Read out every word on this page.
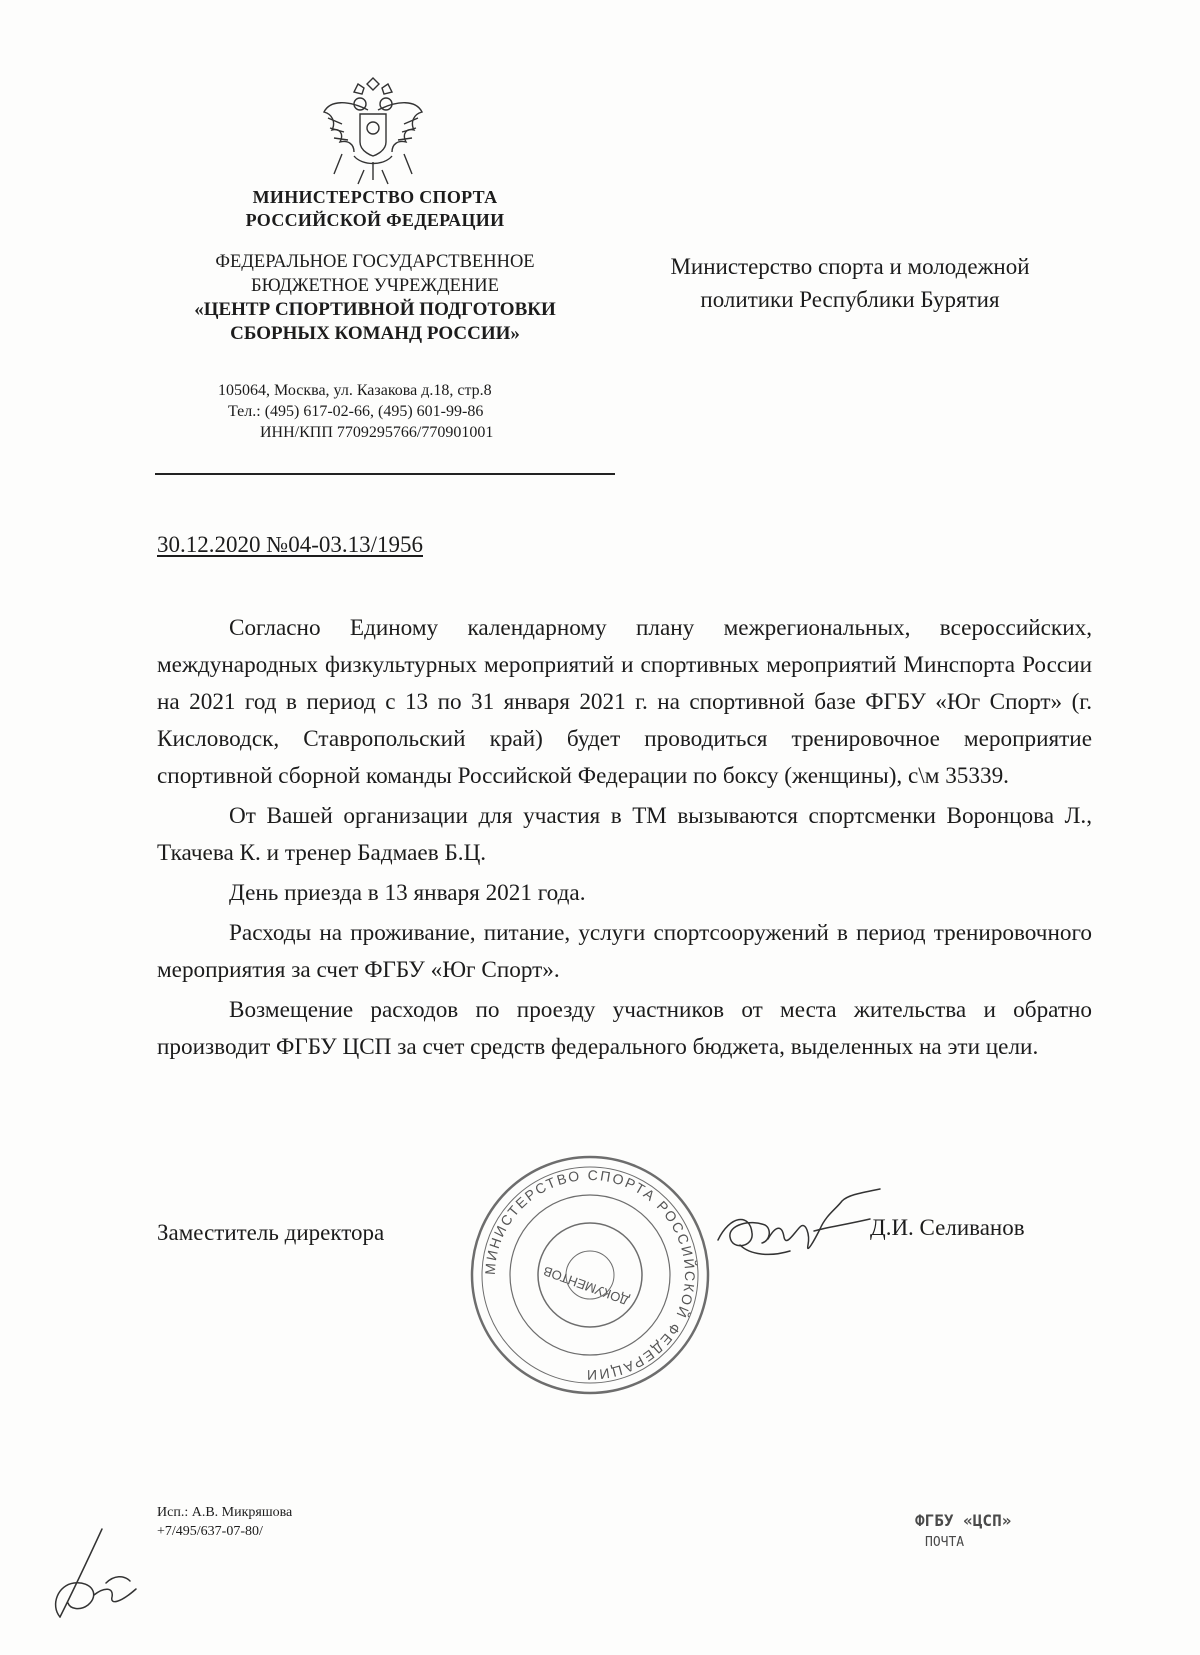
МИНИСТЕРСТВО СПОРТА
РОССИЙСКОЙ ФЕДЕРАЦИИ
ФЕДЕРАЛЬНОЕ ГОСУДАРСТВЕННОЕ
БЮДЖЕТНОЕ УЧРЕЖДЕНИЕ
«ЦЕНТР СПОРТИВНОЙ ПОДГОТОВКИ
СБОРНЫХ КОМАНД РОССИИ»
105064, Москва, ул. Казакова д.18, стр.8
Тел.: (495) 617-02-66, (495) 601-99-86
ИНН/КПП 7709295766/770901001
Министерство спорта и молодежной
политики Республики Бурятия
30.12.2020 №04-03.13/1956

Согласно Единому календарному плану межрегиональных, всероссийских, международных физкультурных мероприятий и спортивных мероприятий Минспорта России на 2021 год в период с 13 по 31 января 2021 г. на спортивной базе ФГБУ «Юг Спорт» (г. Кисловодск, Ставропольский край) будет проводиться тренировочное мероприятие спортивной сборной команды Российской Федерации по боксу (женщины), с\м 35339.

От Вашей организации для участия в ТМ вызываются спортсменки Воронцова Л., Ткачева К. и тренер Бадмаев Б.Ц.

День приезда в 13 января 2021 года.

Расходы на проживание, питание, услуги спортсооружений в период тренировочного мероприятия за счет ФГБУ «Юг Спорт».

Возмещение расходов по проезду участников от места жительства и обратно производит ФГБУ ЦСП за счет средств федерального бюджета, выделенных на эти цели.

Заместитель директора
МИНИСТЕРСТВО СПОРТА РОССИЙСКОЙ ФЕДЕРАЦИИ
ДОКУМЕНТОВ
Д.И. Селиванов
Исп.: А.В. Микряшова
+7/495/637-07-80/
ФГБУ «ЦСП»
ПОЧТА
